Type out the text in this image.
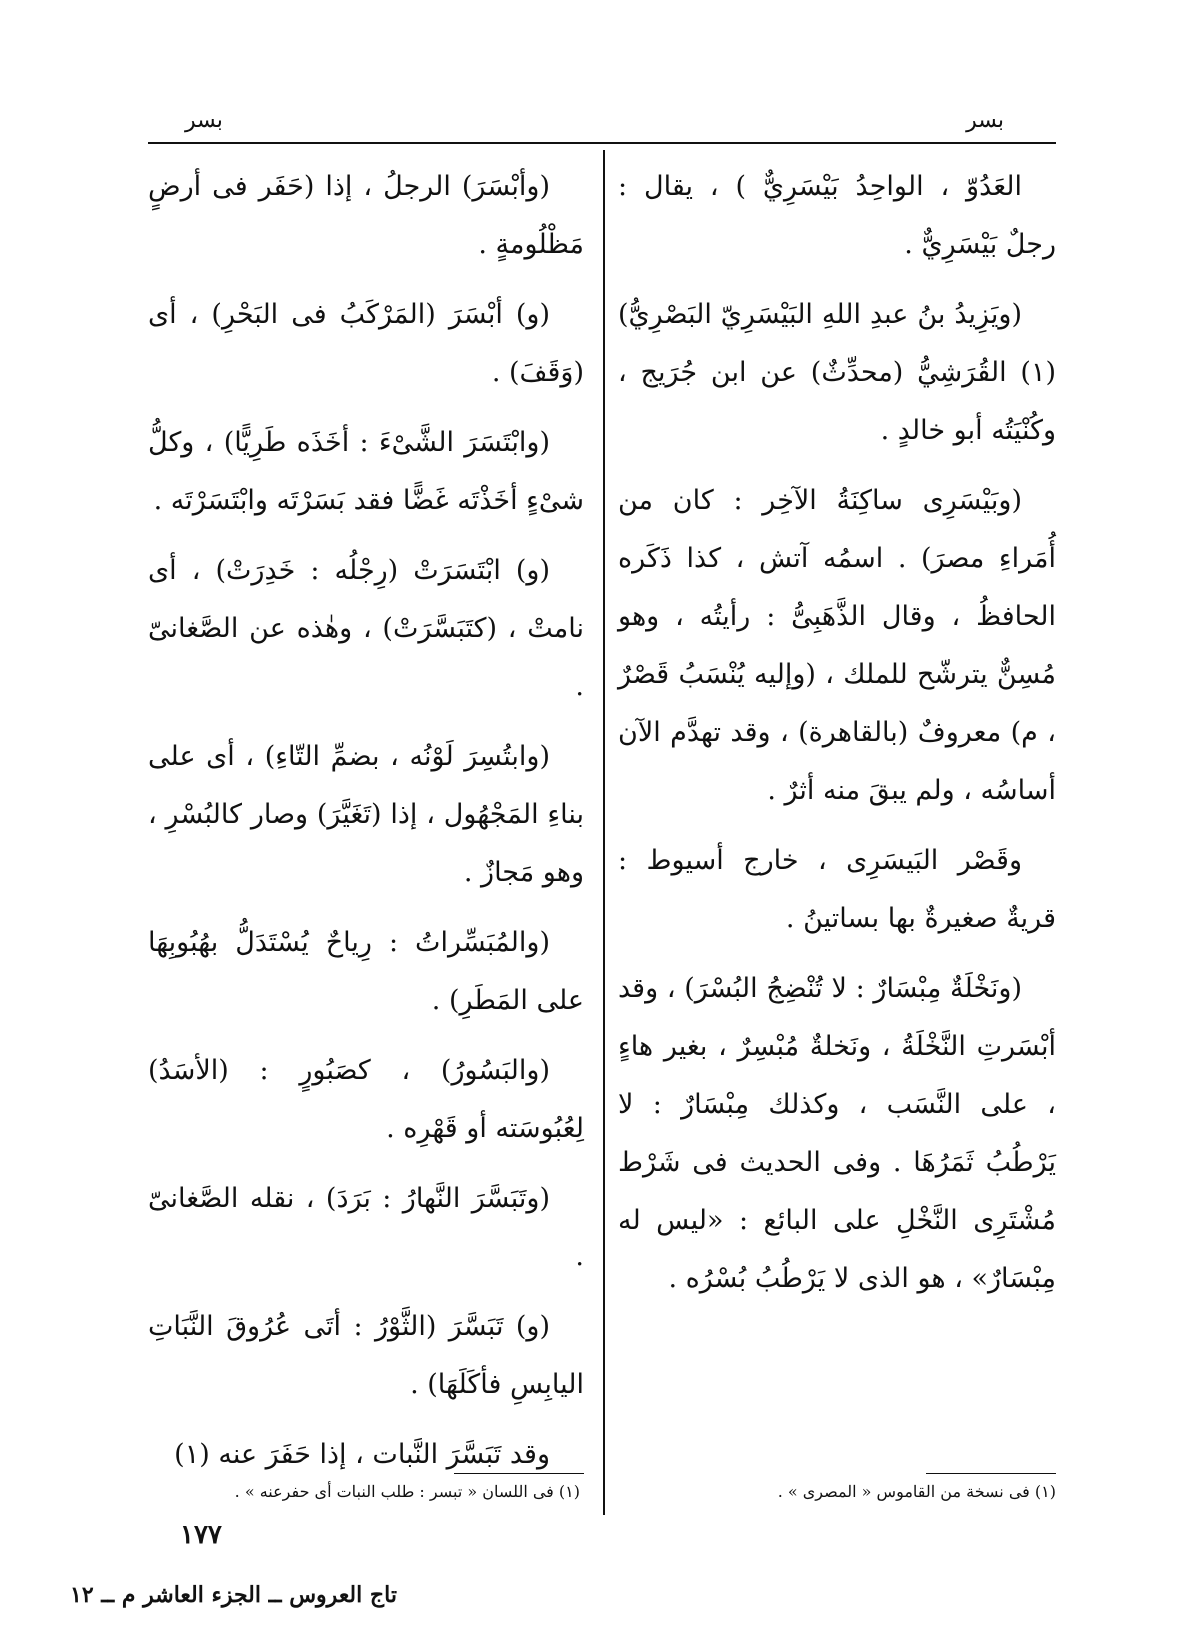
بسر
بسر

العَدُوّ ، الواحِدُ بَيْسَرِيٌّ ) ، يقال : رجلٌ بَيْسَرِيٌّ .

(ويَزِيدُ بنُ عبدِ اللهِ البَيْسَرِيّ البَصْرِيُّ)(١) القُرَشِيُّ (محدِّثٌ) عن ابن جُرَيج ، وكُنْيَتُه أبو خالدٍ .

(وبَيْسَرِى ساكِنَةُ الآخِر : كان من أُمَراءِ مصرَ) . اسمُه آتش ، كذا ذَكَره الحافظُ ، وقال الذَّهَبِىُّ : رأيتُه ، وهو مُسِنٌّ يترشّح للملك ، (وإليه يُنْسَبُ قَصْرٌ ، م) معروفٌ (بالقاهرة) ، وقد تهدَّم الآن أساسُه ، ولم يبقَ منه أثرٌ .

وقَصْر البَيسَرِى ، خارج أسيوط : قريةٌ صغيرةٌ بها بساتينُ .

(ونَخْلَةٌ مِبْسَارٌ : لا تُنْضِجُ البُسْرَ) ، وقد أبْسَرتِ النَّخْلَةُ ، ونَخلةٌ مُبْسِرٌ ، بغير هاءٍ ، على النَّسَب ، وكذلك مِبْسَارٌ : لا يَرْطُبُ ثَمَرُهَا . وفى الحديث فى شَرْط مُشْتَرِى النَّخْلِ على البائع : «ليس له مِبْسَارٌ» ، هو الذى لا يَرْطُبُ بُسْرُه .

(وأبْسَرَ) الرجلُ ، إذا (حَفَر فى أرضٍ مَظْلُومةٍ .

(و) أبْسَرَ (المَرْكَبُ فى البَحْرِ) ، أى (وَقَفَ) .

(وابْتَسَرَ الشَّىْءَ : أخَذَه طَرِيًّا) ، وكلُّ شىْءٍ أخَذْتَه غَضًّا فقد بَسَرْتَه وابْتَسَرْتَه .

(و) ابْتَسَرَتْ (رِجْلُه : خَدِرَتْ) ، أى نامتْ ، (كتَبَسَّرَتْ) ، وهٰذه عن الصَّغانىّ .

(وابتُسِرَ لَوْنُه ، بضمِّ التّاءِ) ، أى على بناءِ المَجْهُول ، إذا (تَغَيَّرَ) وصار كالبُسْرِ ، وهو مَجازٌ .

(والمُبَسِّراتُ : رِياحٌ يُسْتَدَلُّ بهُبُوبِهَا على المَطَرِ) .

(والبَسُورُ) ، كصَبُورٍ : (الأسَدُ) لِعُبُوسَته أو قَهْرِه .

(وتَبَسَّرَ النَّهارُ : بَرَدَ) ، نقله الصَّغانىّ .

(و) تَبَسَّرَ (الثَّوْرُ : أتَى عُرُوقَ النَّبَاتِ اليابِسِ فأكَلَهَا) .

وقد تَبَسَّرَ النَّبات ، إذا حَفَرَ عنه (١)

(١) فى نسخة من القاموس « المصرى » .
(١) فى اللسان « تبسر : طلب النبات أى حفرعنه » .
١٧٧
تاج العروس ــ الجزء العاشر م ــ ١٢
